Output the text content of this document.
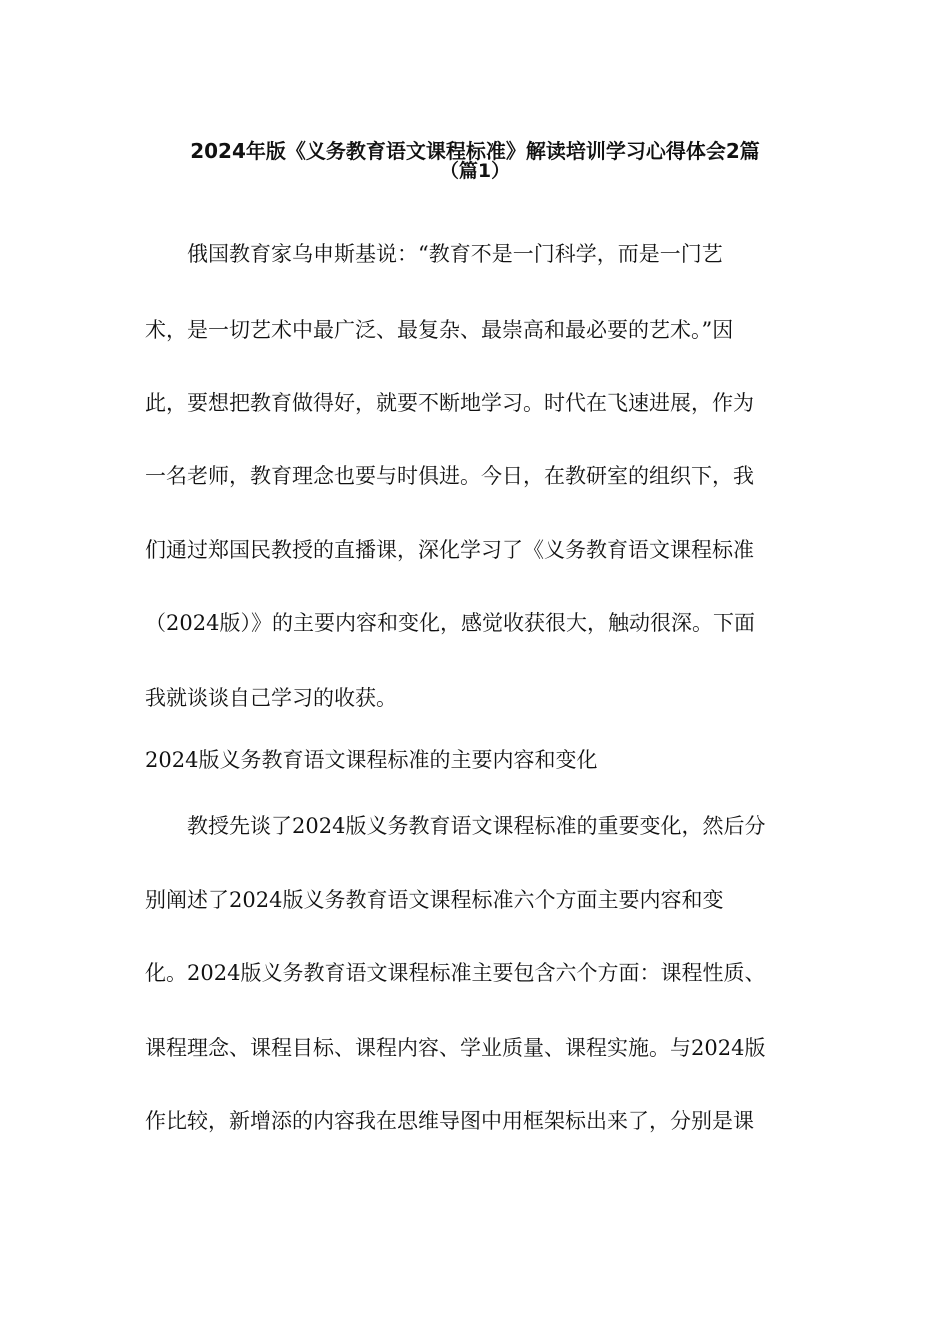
2024年版《义务教育语文课程标准》解读培训学习心得体会2篇
（篇1）
　　俄国教育家乌申斯基说：“教育不是一门科学，而是一门艺
术，是一切艺术中最广泛、最复杂、最崇高和最必要的艺术。”因
此，要想把教育做得好，就要不断地学习。时代在飞速进展，作为
一名老师，教育理念也要与时俱进。今日，在教研室的组织下，我
们通过郑国民教授的直播课，深化学习了《义务教育语文课程标准
（2024版）》的主要内容和变化，感觉收获很大，触动很深。下面
我就谈谈自己学习的收获。
2024版义务教育语文课程标准的主要内容和变化
　　教授先谈了2024版义务教育语文课程标准的重要变化，然后分
别阐述了2024版义务教育语文课程标准六个方面主要内容和变
化。2024版义务教育语文课程标准主要包含六个方面：课程性质、
课程理念、课程目标、课程内容、学业质量、课程实施。与2024版
作比较，新增添的内容我在思维导图中用框架标出来了，分别是课
